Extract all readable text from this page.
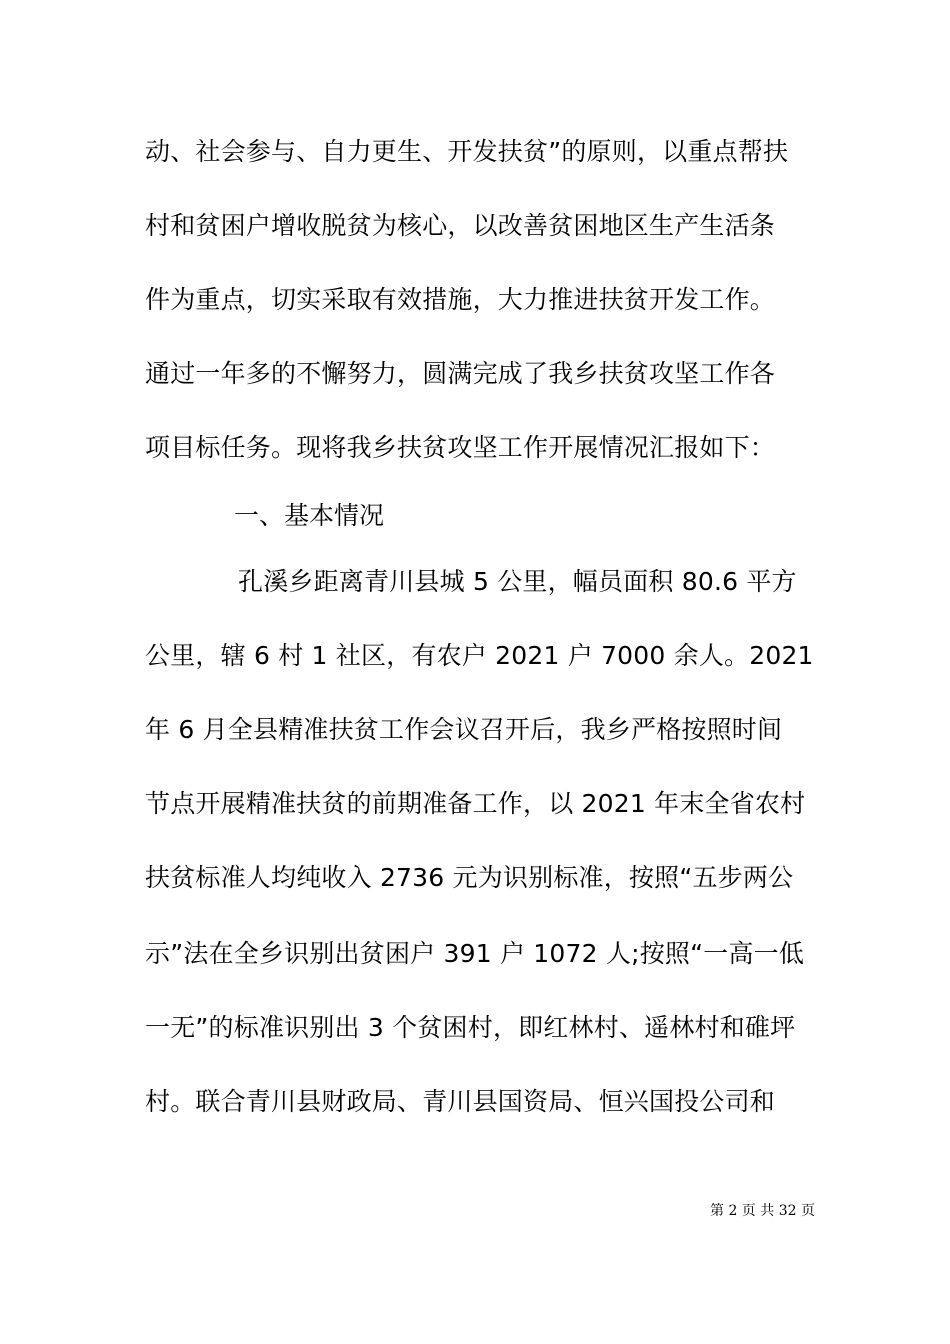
动、社会参与、自力更生、开发扶贫”的原则，以重点帮扶
村和贫困户增收脱贫为核心，以改善贫困地区生产生活条
件为重点，切实采取有效措施，大力推进扶贫开发工作。
通过一年多的不懈努力，圆满完成了我乡扶贫攻坚工作各
项目标任务。现将我乡扶贫攻坚工作开展情况汇报如下：
一、基本情况
孔溪乡距离青川县城 5 公里，幅员面积 80.6 平方
公里，辖 6 村 1 社区，有农户 2021 户 7000 余人。2021
年 6 月全县精准扶贫工作会议召开后，我乡严格按照时间
节点开展精准扶贫的前期准备工作，以 2021 年末全省农村
扶贫标准人均纯收入 2736 元为识别标准，按照“五步两公
示”法在全乡识别出贫困户 391 户 1072 人;按照“一高一低
一无”的标准识别出 3 个贫困村，即红林村、遥林村和碓坪
村。联合青川县财政局、青川县国资局、恒兴国投公司和
第 2 页 共 32 页
